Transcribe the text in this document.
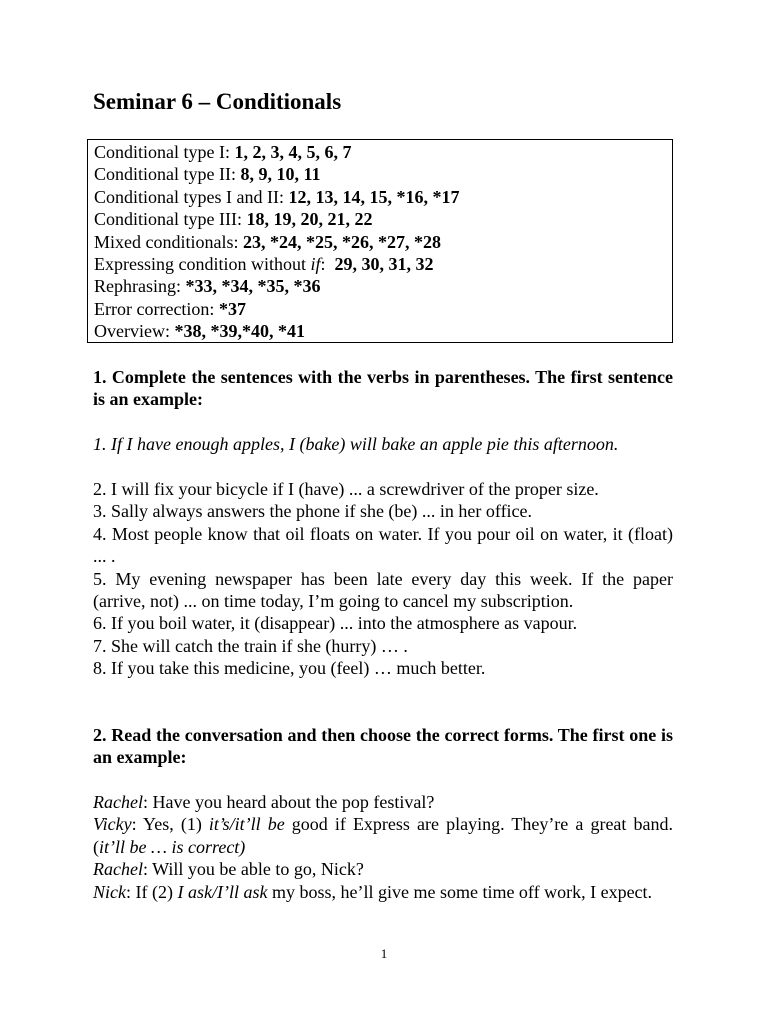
Seminar 6 – Conditionals
Conditional type I: 1, 2, 3, 4, 5, 6, 7
Conditional type II: 8, 9, 10, 11
Conditional types I and II: 12, 13, 14, 15, *16, *17
Conditional type III: 18, 19, 20, 21, 22
Mixed conditionals: 23, *24, *25, *26, *27, *28
Expressing condition without if:  29, 30, 31, 32
Rephrasing: *33, *34, *35, *36
Error correction: *37
Overview: *38, *39,*40, *41
1. Complete the sentences with the verbs in parentheses. The first sentence is an example:
1. If I have enough apples, I (bake) will bake an apple pie this afternoon.
2. I will fix your bicycle if I (have) ... a screwdriver of the proper size.
3. Sally always answers the phone if she (be) ... in her office.
4. Most people know that oil floats on water. If you pour oil on water, it (float) ... .
5. My evening newspaper has been late every day this week. If the paper (arrive, not) ... on time today, I’m going to cancel my subscription.
6. If you boil water, it (disappear) ... into the atmosphere as vapour.
7. She will catch the train if she (hurry) … .
8. If you take this medicine, you (feel) … much better.
2. Read the conversation and then choose the correct forms. The first one is an example:
Rachel: Have you heard about the pop festival?
Vicky: Yes, (1) it’s/it’ll be good if Express are playing. They’re a great band. (it’ll be … is correct)
Rachel: Will you be able to go, Nick?
Nick: If (2) I ask/I’ll ask my boss, he’ll give me some time off work, I expect.
1
